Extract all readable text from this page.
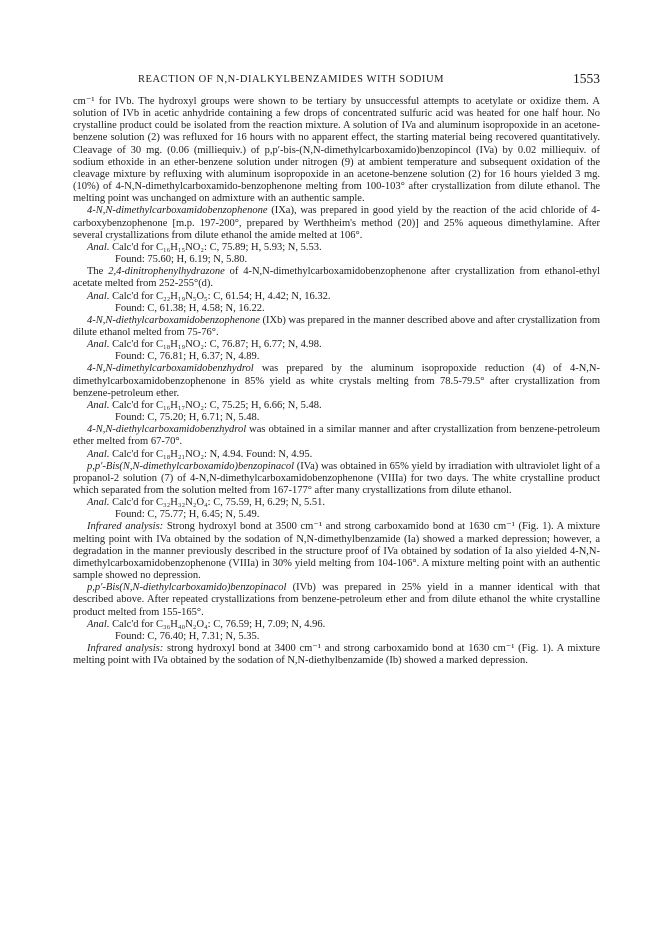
REACTION OF N,N-DIALKYLBENZAMIDES WITH SODIUM	1553

cm⁻¹ for IVb. The hydroxyl groups were shown to be tertiary by unsuccessful attempts to acetylate or oxidize them. A solution of IVb in acetic anhydride containing a few drops of concentrated sulfuric acid was heated for one half hour. No crystalline product could be isolated from the reaction mixture. A solution of IVa and aluminum isopropoxide in an acetone-benzene solution (2) was refluxed for 16 hours with no apparent effect, the starting material being recovered quantitatively. Cleavage of 30 mg. (0.06 (milliequiv.) of p,p′-bis-(N,N-dimethylcarboxamido)benzopincol (IVa) by 0.02 milliequiv. of sodium ethoxide in an ether-benzene solution under nitrogen (9) at ambient temperature and subsequent oxidation of the cleavage mixture by refluxing with aluminum isopropoxide in an acetone-benzene solution (2) for 16 hours yielded 3 mg. (10%) of 4-N,N-dimethylcarboxamido-benzophenone melting from 100-103° after crystallization from dilute ethanol. The melting point was unchanged on admixture with an authentic sample.

4-N,N-dimethylcarboxamidobenzophenone (IXa), was prepared in good yield by the reaction of the acid chloride of 4-carboxybenzophenone [m.p. 197-200°, prepared by Werthheim's method (20)] and 25% aqueous dimethylamine. After several crystallizations from dilute ethanol the amide melted at 106°.

Anal. Calc'd for C₁₆H₁₅NO₂: C, 75.89; H, 5.93; N, 5.53.

Found: 75.60; H, 6.19; N, 5.80.

The 2,4-dinitrophenylhydrazone of 4-N,N-dimethylcarboxamidobenzophenone after crystallization from ethanol-ethyl acetate melted from 252-255°(d).

Anal. Calc'd for C₂₂H₁₉N₅O₅: C, 61.54; H, 4.42; N, 16.32.

Found: C, 61.38; H, 4.58; N, 16.22.

4-N,N-diethylcarboxamidobenzophenone (IXb) was prepared in the manner described above and after crystallization from dilute ethanol melted from 75-76°.

Anal. Calc'd for C₁₈H₁₉NO₂: C, 76.87; H, 6.77; N, 4.98.

Found: C, 76.81; H, 6.37; N, 4.89.

4-N,N-dimethylcarboxamidobenzhydrol was prepared by the aluminum isopropoxide reduction (4) of 4-N,N-dimethylcarboxamidobenzophenone in 85% yield as white crystals melting from 78.5-79.5° after crystallization from benzene-petroleum ether.

Anal. Calc'd for C₁₆H₁₇NO₂: C, 75.25; H, 6.66; N, 5.48.

Found: C, 75.20; H, 6.71; N, 5.48.

4-N,N-diethylcarboxamidobenzhydrol was obtained in a similar manner and after crystallization from benzene-petroleum ether melted from 67-70°.

Anal. Calc'd for C₁₈H₂₁NO₂: N, 4.94. Found: N, 4.95.

p,p′-Bis(N,N-dimethylcarboxamido)benzopinacol (IVa) was obtained in 65% yield by irradiation with ultraviolet light of a propanol-2 solution (7) of 4-N,N-dimethylcarboxamidobenzophenone (VIIIa) for two days. The white crystalline product which separated from the solution melted from 167-177° after many crystallizations from dilute ethanol.

Anal. Calc'd for C₃₂H₃₂N₂O₄: C, 75.59, H, 6.29; N, 5.51.

Found: C, 75.77; H, 6.45; N, 5.49.

Infrared analysis: Strong hydroxyl bond at 3500 cm⁻¹ and strong carboxamido bond at 1630 cm⁻¹ (Fig. 1). A mixture melting point with IVa obtained by the sodation of N,N-dimethylbenzamide (Ia) showed a marked depression; however, a degradation in the manner previously described in the structure proof of IVa obtained by sodation of Ia also yielded 4-N,N-dimethylcarboxamidobenzophenone (VIIIa) in 30% yield melting from 104-106°. A mixture melting point with an authentic sample showed no depression.

p,p′-Bis(N,N-diethylcarboxamido)benzopinacol (IVb) was prepared in 25% yield in a manner identical with that described above. After repeated crystallizations from benzene-petroleum ether and from dilute ethanol the white crystalline product melted from 155-165°.

Anal. Calc'd for C₃₆H₄₀N₂O₄: C, 76.59; H, 7.09; N, 4.96.

Found: C, 76.40; H, 7.31; N, 5.35.

Infrared analysis: strong hydroxyl bond at 3400 cm⁻¹ and strong carboxamido bond at 1630 cm⁻¹ (Fig. 1). A mixture melting point with IVa obtained by the sodation of N,N-diethylbenzamide (Ib) showed a marked depression.
